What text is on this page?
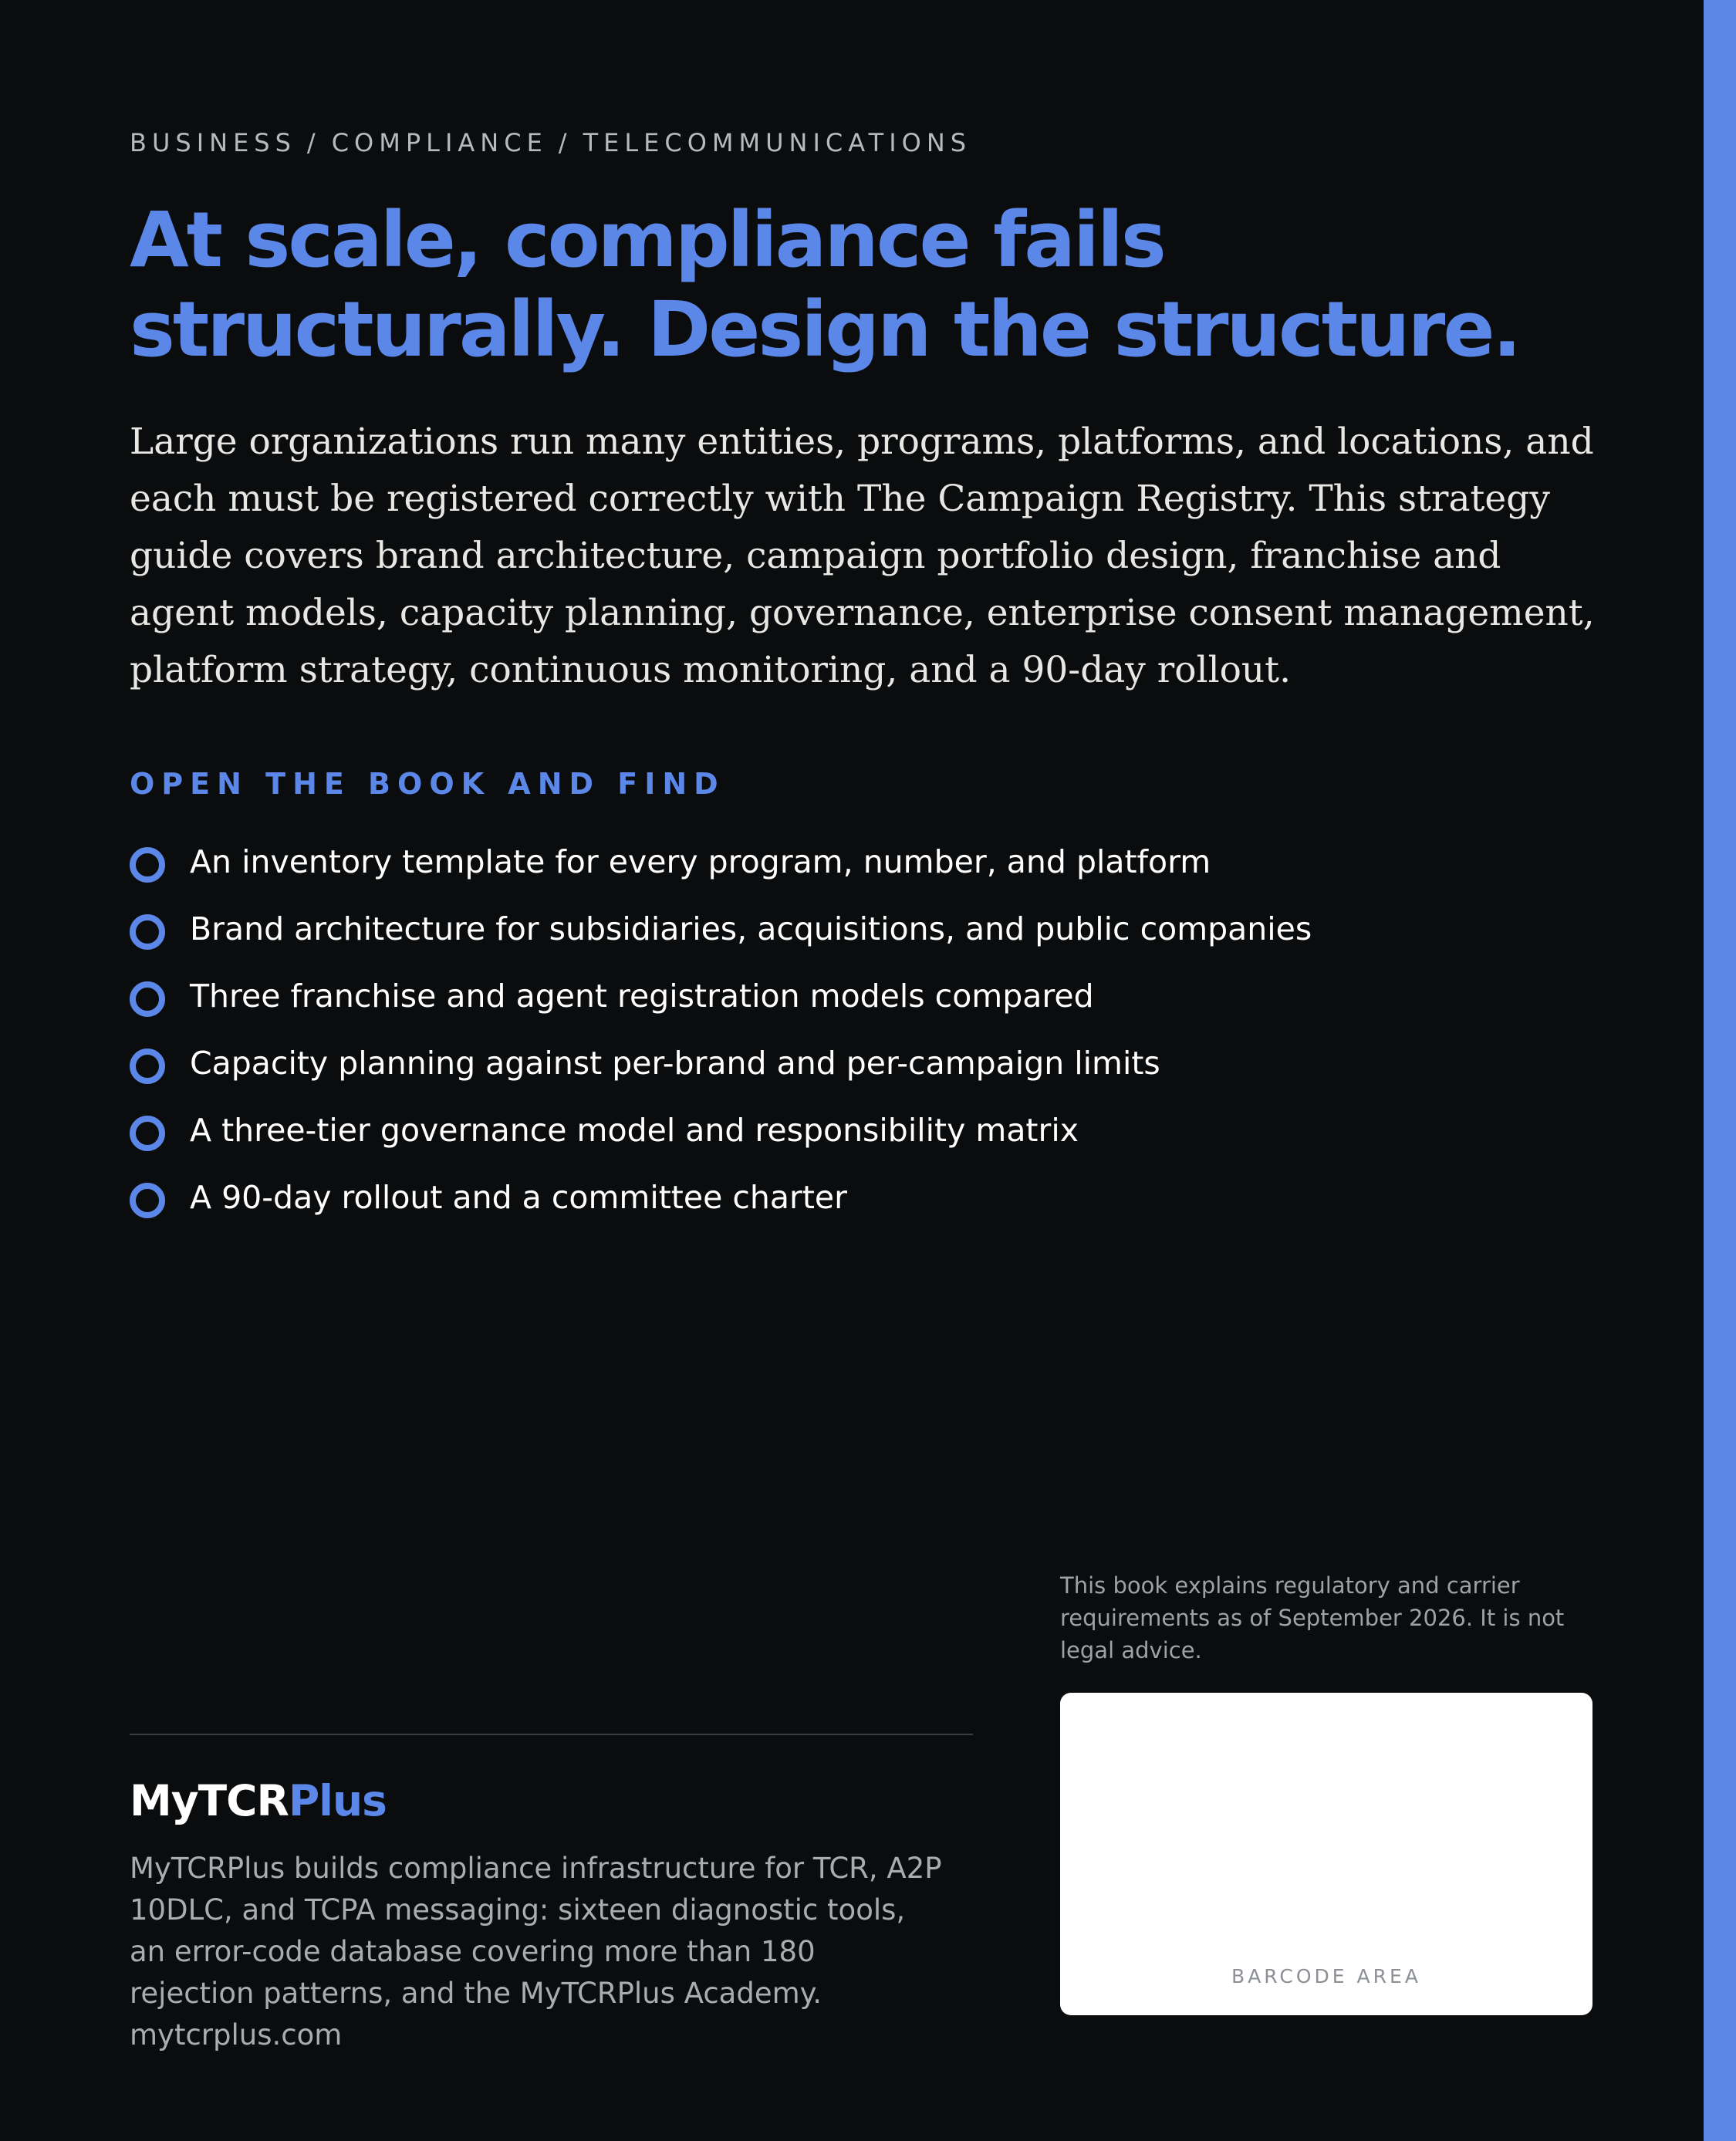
BUSINESS / COMPLIANCE / TELECOMMUNICATIONS
At scale, compliance fails
structurally. Design the structure.

Large organizations run many entities, programs, platforms, and locations, and each must be registered correctly with The Campaign Registry. This strategy guide covers brand architecture, campaign portfolio design, franchise and agent models, capacity planning, governance, enterprise consent management, platform strategy, continuous monitoring, and a 90-day rollout.

OPEN THE BOOK AND FIND
An inventory template for every program, number, and platform
Brand architecture for subsidiaries, acquisitions, and public companies
Three franchise and agent registration models compared
Capacity planning against per-brand and per-campaign limits
A three-tier governance model and responsibility matrix
A 90-day rollout and a committee charter

This book explains regulatory and carrier requirements as of September 2026. It is not legal advice.

BARCODE AREA
MyTCRPlus

MyTCRPlus builds compliance infrastructure for TCR, A2P 10DLC, and TCPA messaging: sixteen diagnostic tools, an error-code database covering more than 180 rejection patterns, and the MyTCRPlus Academy. mytcrplus.com
